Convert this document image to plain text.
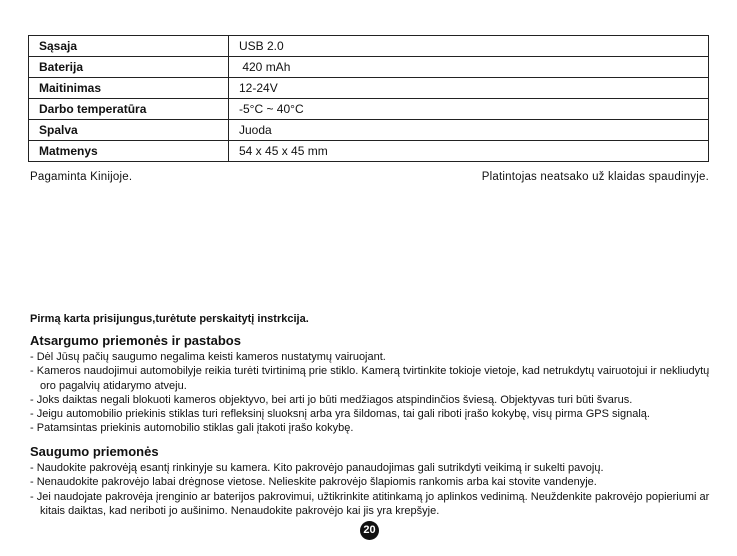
Sąsaja	USB 2.0
Baterija	420 mAh
Maitinimas	12-24V
Darbo temperatūra	-5°C ~ 40°C
Spalva	Juoda
Matmenys	54 x 45 x 45 mm
Pagaminta Kinijoje.	Platintojas neatsako už klaidas spaudinyje.
Pirmą karta prisijungus,turėtute perskaitytį instrkcija.
Atsargumo priemonės ir pastabos
- Dėl Jūsų pačių saugumo negalima keisti kameros nustatymų vairuojant.
- Kameros naudojimui automobilyje reikia turėti tvirtinimą prie stiklo. Kamerą tvirtinkite tokioje vietoje, kad netrukdytų vairuotojui ir nekliudytų oro pagalvių atidarymo atveju.
- Joks daiktas negali blokuoti kameros objektyvo, bei arti jo būti medžiagos atspindinčios šviesą. Objektyvas turi būti švarus.
- Jeigu automobilio priekinis stiklas turi refleksinį sluoksnį arba yra šildomas, tai gali riboti įrašo kokybę, visų pirma GPS signalą.
- Patamsintas priekinis automobilio stiklas gali įtakoti įrašo kokybę.
Saugumo priemonės
- Naudokite pakrovėją esantį rinkinyje su kamera. Kito pakrovėjo panaudojimas gali sutrikdyti veikimą ir sukelti pavojų.
- Nenaudokite pakrovėjo labai drėgnose vietose. Nelieskite pakrovėjo šlapiomis rankomis arba kai stovite vandenyje.
- Jei naudojate pakrovėja įrenginio ar baterijos pakrovimui, užtikrinkite atitinkamą jo aplinkos vedinimą. Neuždenkite pakrovėjo popieriumi ar kitais daiktas, kad neriboti jo aušinimo. Nenaudokite pakrovėjo kai jis yra krepšyje.
20
